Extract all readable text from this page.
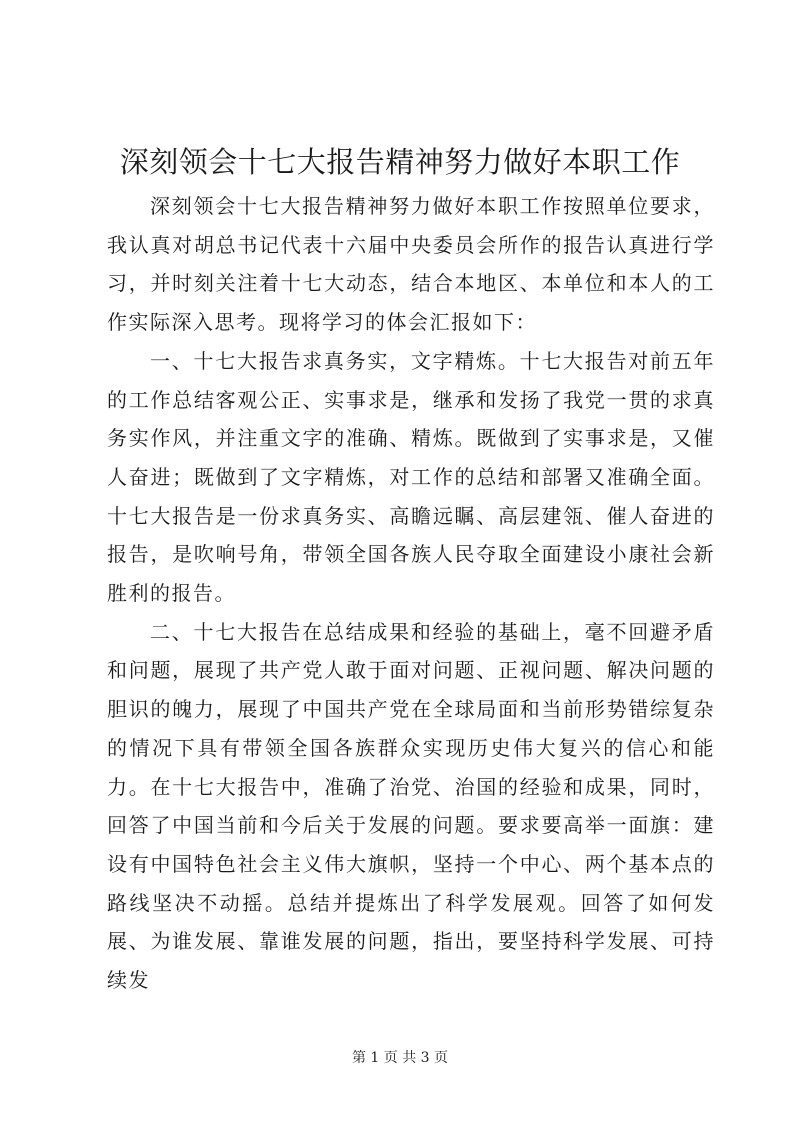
深刻领会十七大报告精神努力做好本职工作

深刻领会十七大报告精神努力做好本职工作按照单位要求，我认真对胡总书记代表十六届中央委员会所作的报告认真进行学习，并时刻关注着十七大动态，结合本地区、本单位和本人的工作实际深入思考。现将学习的体会汇报如下：

一、十七大报告求真务实，文字精炼。十七大报告对前五年的工作总结客观公正、实事求是，继承和发扬了我党一贯的求真务实作风，并注重文字的准确、精炼。既做到了实事求是，又催人奋进；既做到了文字精炼，对工作的总结和部署又准确全面。十七大报告是一份求真务实、高瞻远瞩、高层建瓴、催人奋进的报告，是吹响号角，带领全国各族人民夺取全面建设小康社会新胜利的报告。

二、十七大报告在总结成果和经验的基础上，毫不回避矛盾和问题，展现了共产党人敢于面对问题、正视问题、解决问题的胆识的魄力，展现了中国共产党在全球局面和当前形势错综复杂的情况下具有带领全国各族群众实现历史伟大复兴的信心和能力。在十七大报告中，准确了治党、治国的经验和成果，同时，回答了中国当前和今后关于发展的问题。要求要高举一面旗：建设有中国特色社会主义伟大旗帜，坚持一个中心、两个基本点的路线坚决不动摇。总结并提炼出了科学发展观。回答了如何发展、为谁发展、靠谁发展的问题，指出，要坚持科学发展、可持续发

第 1 页 共 3 页
